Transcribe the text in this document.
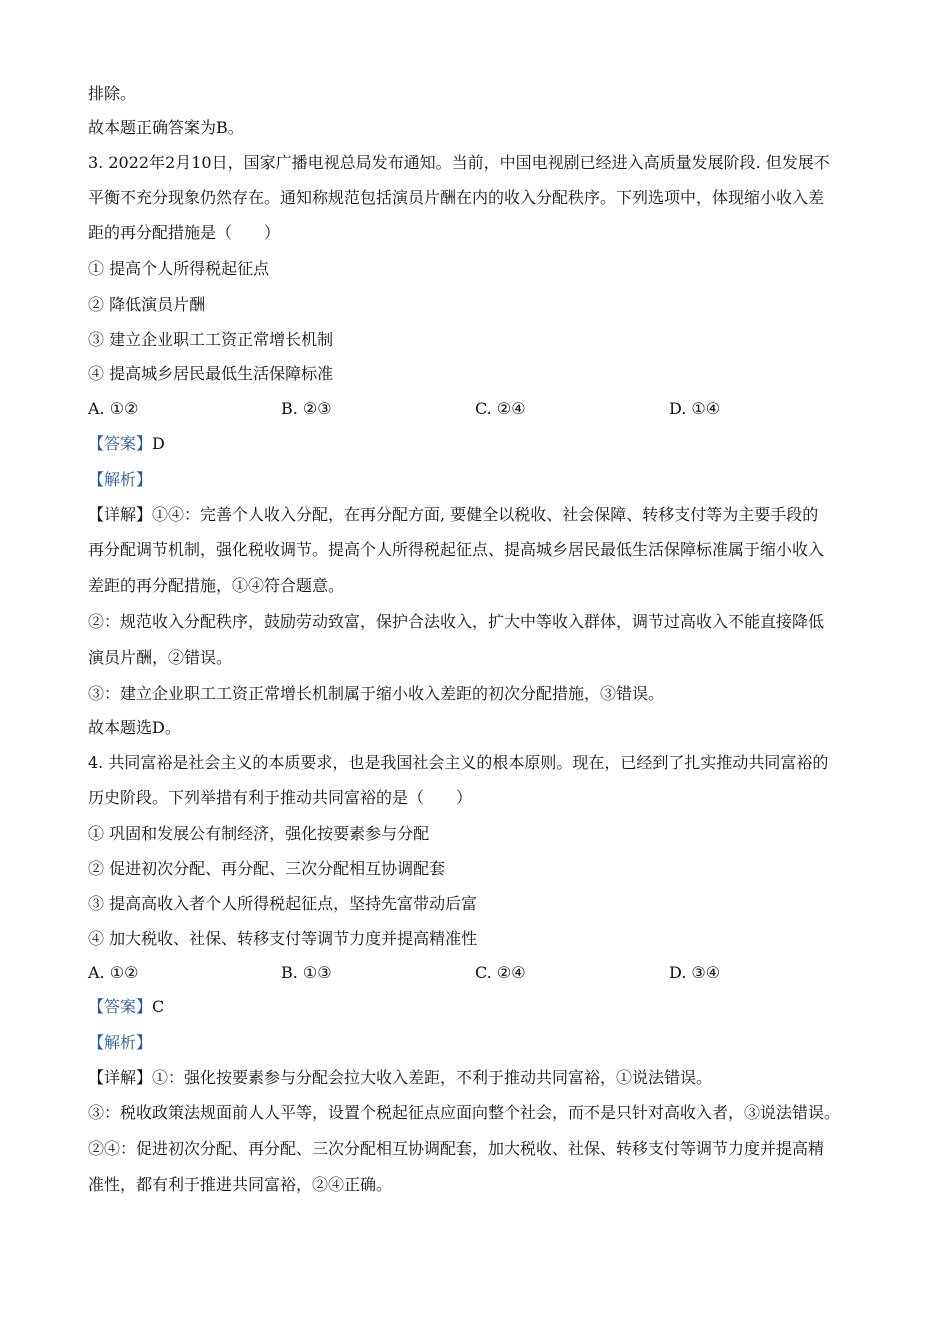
排除。
故本题正确答案为B。
3. 2022年2月10日，国家广播电视总局发布通知。当前，中国电视剧已经进入高质量发展阶段. 但发展不
平衡不充分现象仍然存在。通知称规范包括演员片酬在内的收入分配秩序。下列选项中，体现缩小收入差
距的再分配措施是（　　）
① 提高个人所得税起征点
② 降低演员片酬
③ 建立企业职工工资正常增长机制
④ 提高城乡居民最低生活保障标准
A. ①②	B. ②③	C. ②④	D. ①④
【答案】D
【解析】
【详解】①④：完善个人收入分配，在再分配方面, 要健全以税收、社会保障、转移支付等为主要手段的
再分配调节机制，强化税收调节。提高个人所得税起征点、提高城乡居民最低生活保障标准属于缩小收入
差距的再分配措施，①④符合题意。
②：规范收入分配秩序，鼓励劳动致富，保护合法收入，扩大中等收入群体，调节过高收入不能直接降低
演员片酬，②错误。
③：建立企业职工工资正常增长机制属于缩小收入差距的初次分配措施，③错误。
故本题选D。
4. 共同富裕是社会主义的本质要求，也是我国社会主义的根本原则。现在，已经到了扎实推动共同富裕的
历史阶段。下列举措有利于推动共同富裕的是（　　）
① 巩固和发展公有制经济，强化按要素参与分配
② 促进初次分配、再分配、三次分配相互协调配套
③ 提高高收入者个人所得税起征点，坚持先富带动后富
④ 加大税收、社保、转移支付等调节力度并提高精准性
A. ①②	B. ①③	C. ②④	D. ③④
【答案】C
【解析】
【详解】①：强化按要素参与分配会拉大收入差距，不利于推动共同富裕，①说法错误。
③：税收政策法规面前人人平等，设置个税起征点应面向整个社会，而不是只针对高收入者，③说法错误。
②④：促进初次分配、再分配、三次分配相互协调配套，加大税收、社保、转移支付等调节力度并提高精
准性，都有利于推进共同富裕，②④正确。
